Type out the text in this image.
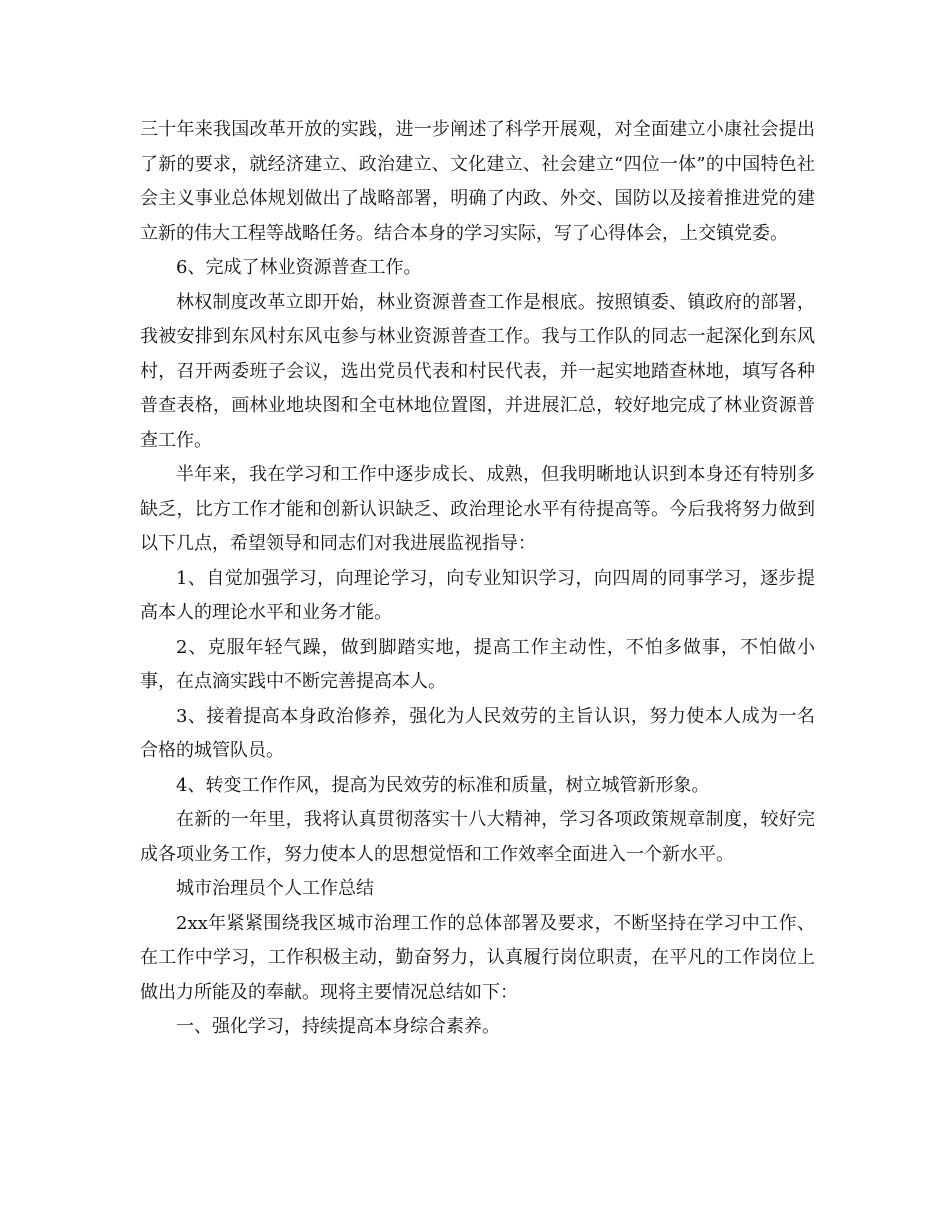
三十年来我国改革开放的实践，进一步阐述了科学开展观，对全面建立小康社会提出了新的要求，就经济建立、政治建立、文化建立、社会建立“四位一体”的中国特色社会主义事业总体规划做出了战略部署，明确了内政、外交、国防以及接着推进党的建立新的伟大工程等战略任务。结合本身的学习实际，写了心得体会，上交镇党委。

6、完成了林业资源普查工作。

林权制度改革立即开始，林业资源普查工作是根底。按照镇委、镇政府的部署，我被安排到东风村东风屯参与林业资源普查工作。我与工作队的同志一起深化到东风村，召开两委班子会议，选出党员代表和村民代表，并一起实地踏查林地，填写各种普查表格，画林业地块图和全屯林地位置图，并进展汇总，较好地完成了林业资源普查工作。

半年来，我在学习和工作中逐步成长、成熟，但我明晰地认识到本身还有特别多缺乏，比方工作才能和创新认识缺乏、政治理论水平有待提高等。今后我将努力做到以下几点，希望领导和同志们对我进展监视指导：

1、自觉加强学习，向理论学习，向专业知识学习，向四周的同事学习，逐步提高本人的理论水平和业务才能。

2、克服年轻气躁，做到脚踏实地，提高工作主动性，不怕多做事，不怕做小事，在点滴实践中不断完善提高本人。

3、接着提高本身政治修养，强化为人民效劳的主旨认识，努力使本人成为一名合格的城管队员。

4、转变工作作风，提高为民效劳的标准和质量，树立城管新形象。

在新的一年里，我将认真贯彻落实十八大精神，学习各项政策规章制度，较好完成各项业务工作，努力使本人的思想觉悟和工作效率全面进入一个新水平。

城市治理员个人工作总结

2xx年紧紧围绕我区城市治理工作的总体部署及要求，不断坚持在学习中工作、在工作中学习，工作积极主动，勤奋努力，认真履行岗位职责，在平凡的工作岗位上做出力所能及的奉献。现将主要情况总结如下：

一、强化学习，持续提高本身综合素养。
